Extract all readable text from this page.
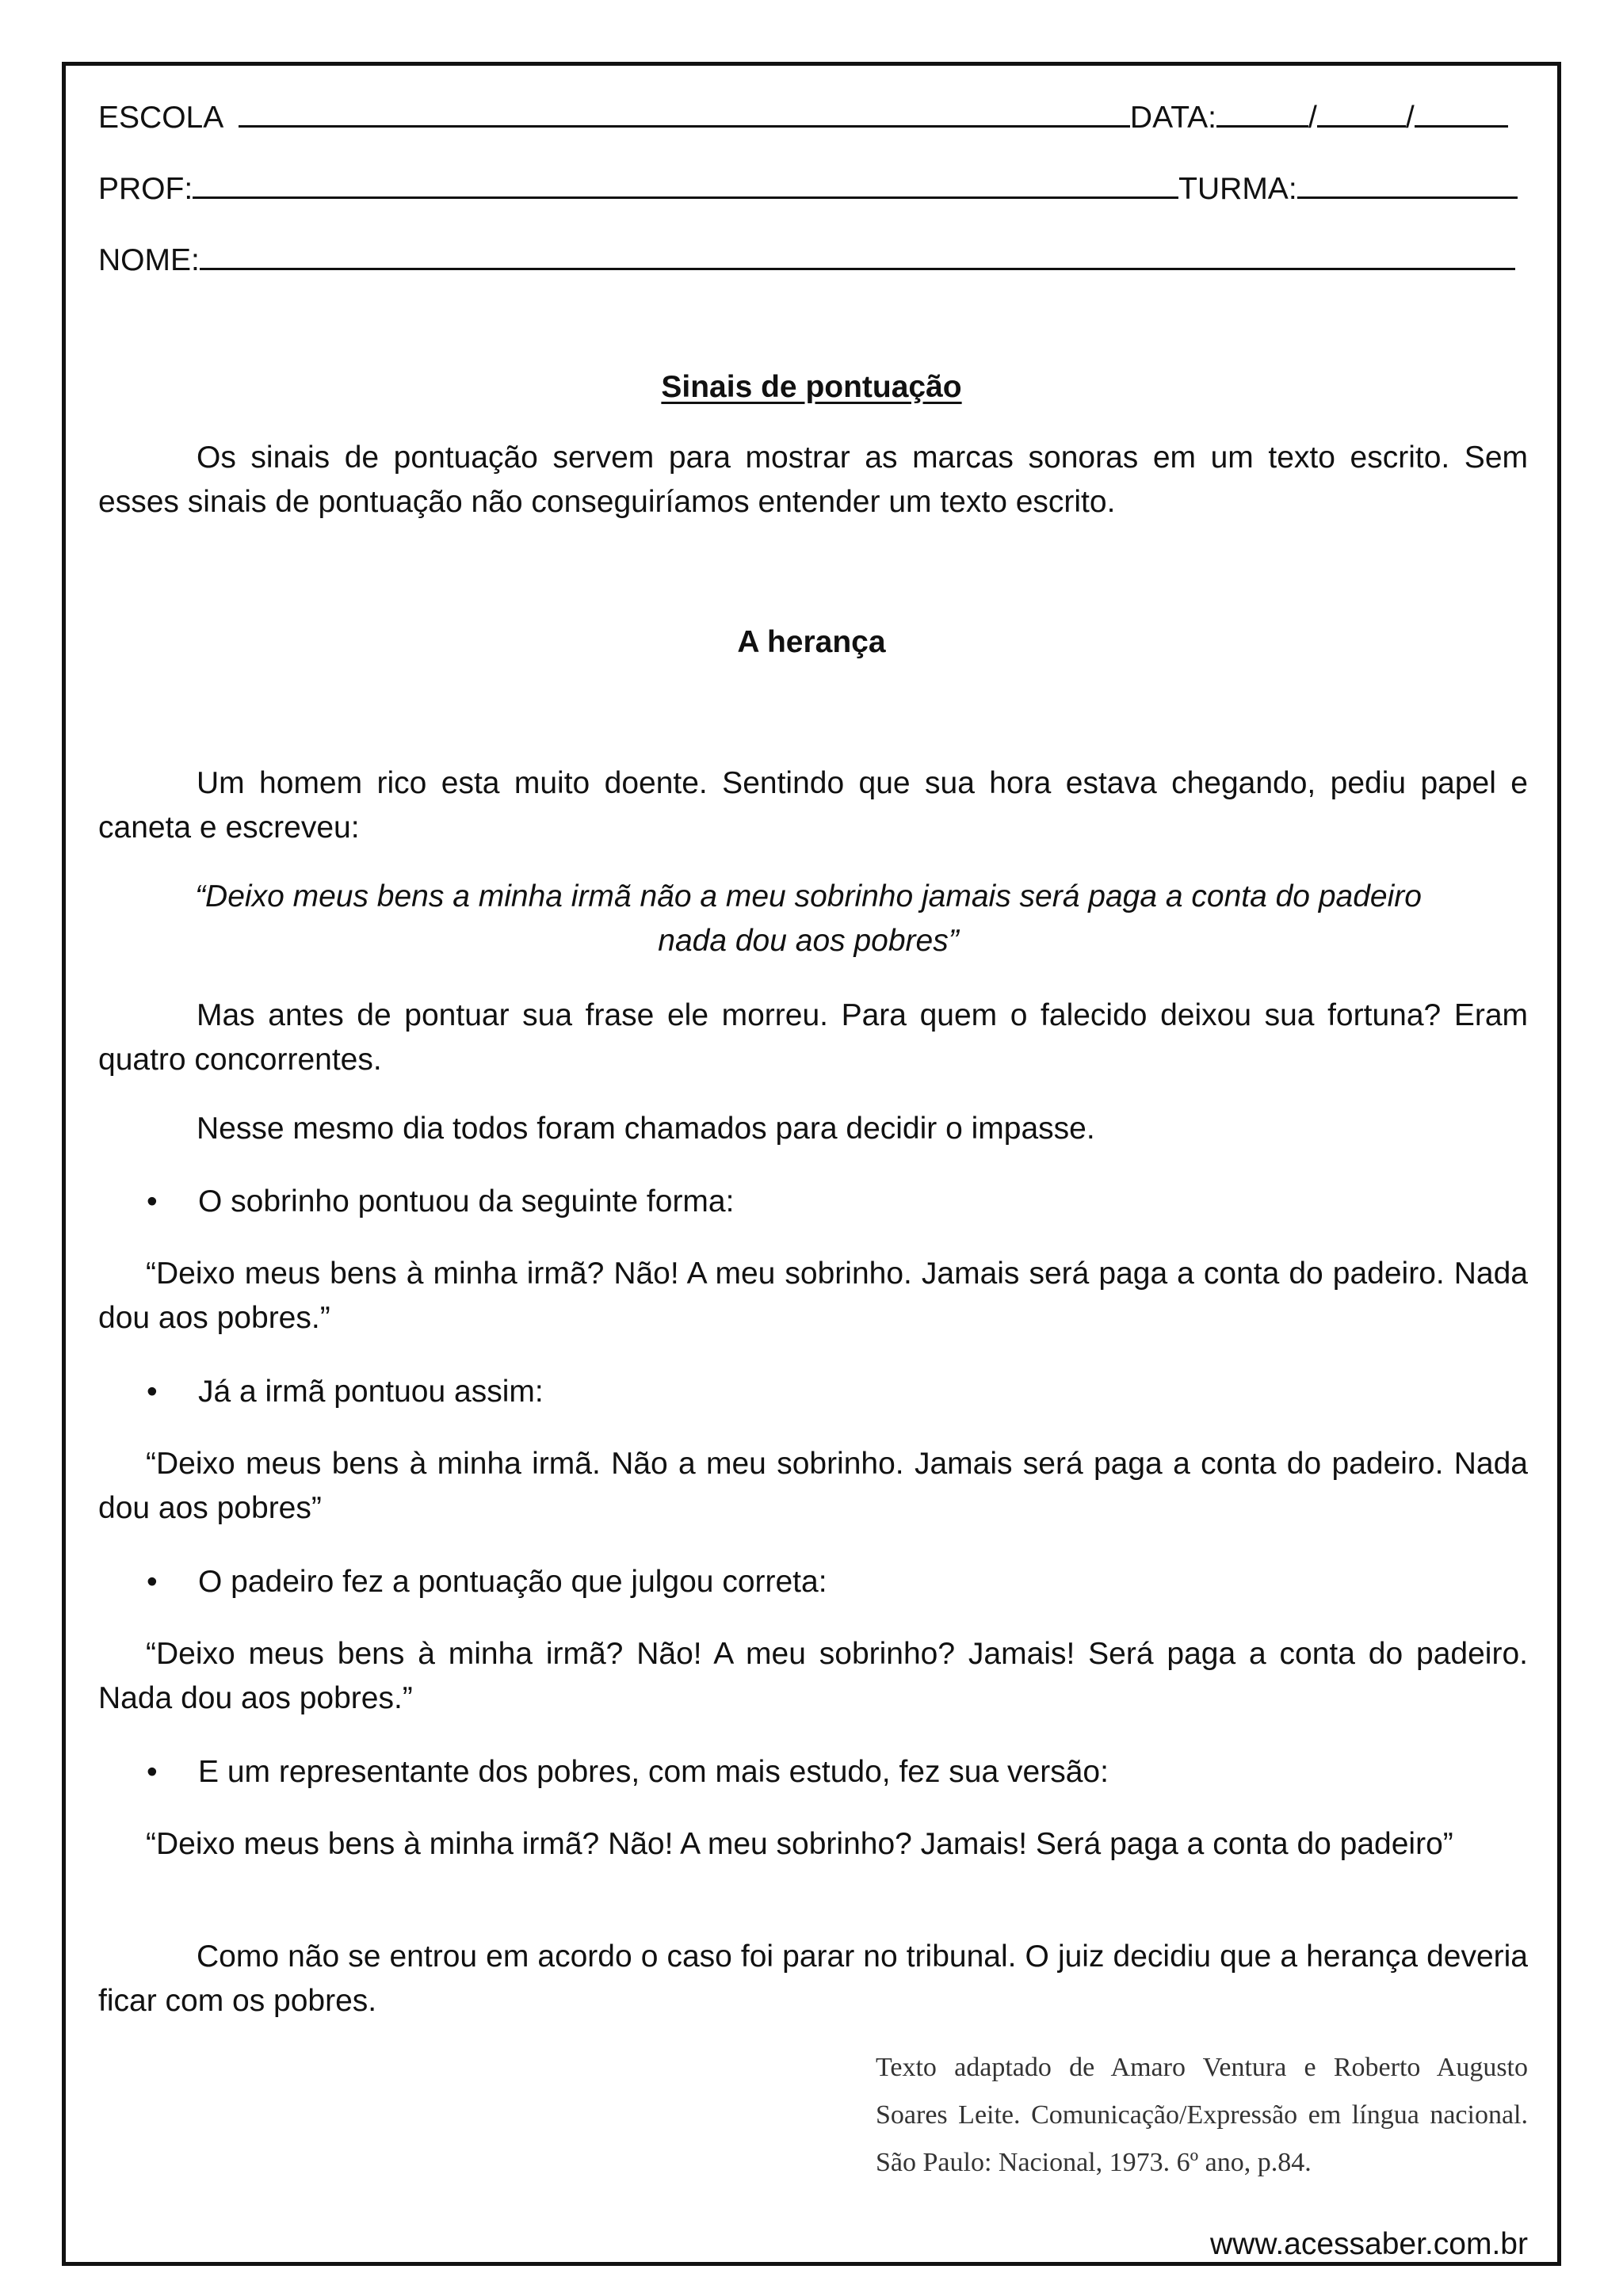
ESCOLA	DATA:	/	/
PROF:	TURMA:
NOME:
Sinais de pontuação
Os sinais de pontuação servem para mostrar as marcas sonoras em um texto escrito. Sem esses sinais de pontuação não conseguiríamos entender um texto escrito.
A herança
Um homem rico esta muito doente. Sentindo que sua hora estava chegando, pediu papel e caneta e escreveu:
“Deixo meus bens a minha irmã não a meu sobrinho jamais será paga a conta do padeiro nada dou aos pobres”
Mas antes de pontuar sua frase ele morreu. Para quem o falecido deixou sua fortuna? Eram quatro concorrentes.
Nesse mesmo dia todos foram chamados para decidir o impasse.
• O sobrinho pontuou da seguinte forma:
“Deixo meus bens à minha irmã? Não! A meu sobrinho. Jamais será paga a conta do padeiro. Nada dou aos pobres.”
• Já a irmã pontuou assim:
“Deixo meus bens à minha irmã. Não a meu sobrinho. Jamais será paga a conta do padeiro. Nada dou aos pobres”
• O padeiro fez a pontuação que julgou correta:
“Deixo meus bens à minha irmã? Não! A meu sobrinho? Jamais! Será paga a conta do padeiro. Nada dou aos pobres.”
• E um representante dos pobres, com mais estudo, fez sua versão:
“Deixo meus bens à minha irmã? Não! A meu sobrinho? Jamais! Será paga a conta do padeiro”
Como não se entrou em acordo o caso foi parar no tribunal. O juiz decidiu que a herança deveria ficar com os pobres.
Texto adaptado de Amaro Ventura e Roberto Augusto Soares Leite. Comunicação/Expressão em língua nacional. São Paulo: Nacional, 1973. 6º ano, p.84.
www.acessaber.com.br
